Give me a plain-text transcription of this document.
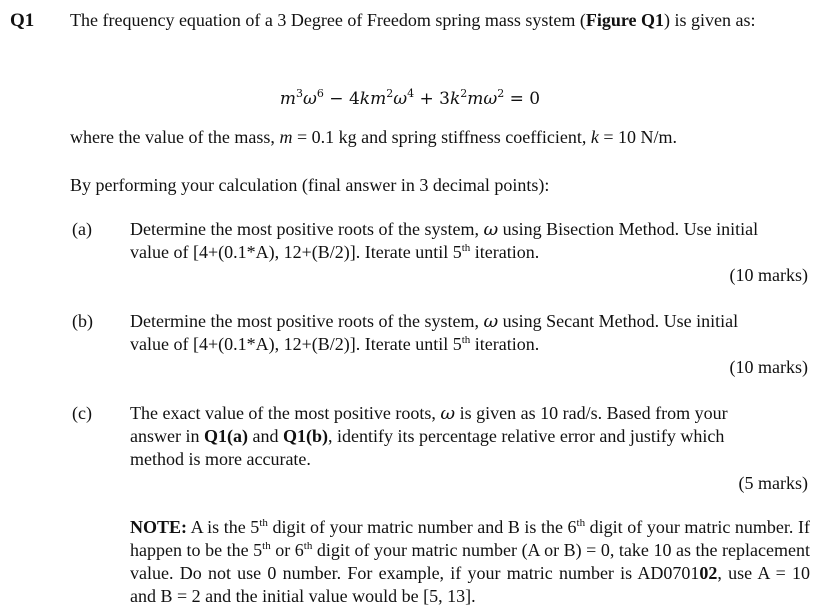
Q1 The frequency equation of a 3 Degree of Freedom spring mass system (Figure Q1) is given as:
$m^3\omega^6 - 4km^2\omega^4 + 3k^2m\omega^2 = 0$
where the value of the mass, m = 0.1 kg and spring stiffness coefficient, k = 10 N/m.
By performing your calculation (final answer in 3 decimal points):
(a) Determine the most positive roots of the system, ω using Bisection Method. Use initial
value of [4+(0.1*A), 12+(B/2)]. Iterate until 5th iteration.
(10 marks)
(b) Determine the most positive roots of the system, ω using Secant Method. Use initial
value of [4+(0.1*A), 12+(B/2)]. Iterate until 5th iteration.
(10 marks)
(c) The exact value of the most positive roots, ω is given as 10 rad/s. Based from your
answer in Q1(a) and Q1(b), identify its percentage relative error and justify which
method is more accurate.
(5 marks)
NOTE: A is the 5th digit of your matric number and B is the 6th digit of your matric number. If happen to be the 5th or 6th digit of your matric number (A or B) = 0, take 10 as the replacement value. Do not use 0 number. For example, if your matric number is AD070102, use A = 10 and B = 2 and the initial value would be [5, 13].
